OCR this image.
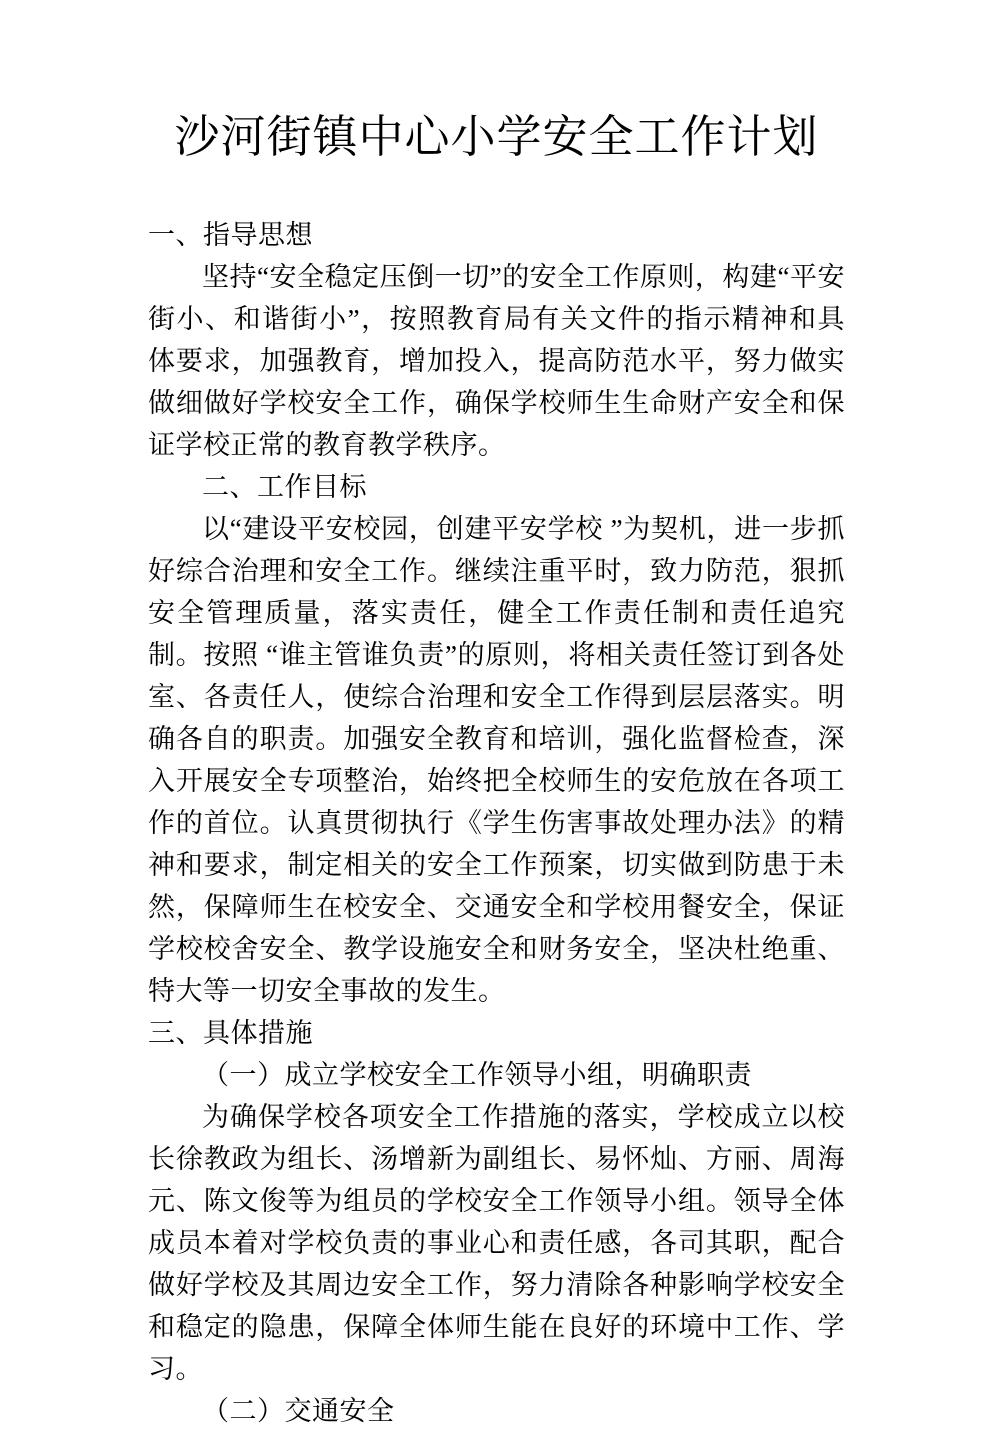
沙河街镇中心小学安全工作计划

一、指导思想

坚持“安全稳定压倒一切”的安全工作原则，构建“平安街小、和谐街小”，按照教育局有关文件的指示精神和具体要求，加强教育，增加投入，提高防范水平，努力做实做细做好学校安全工作，确保学校师生生命财产安全和保证学校正常的教育教学秩序。

二、工作目标

以“建设平安校园，创建平安学校 ”为契机，进一步抓好综合治理和安全工作。继续注重平时，致力防范，狠抓安全管理质量，落实责任，健全工作责任制和责任追究制。按照 “谁主管谁负责”的原则，将相关责任签订到各处室、各责任人，使综合治理和安全工作得到层层落实。明确各自的职责。加强安全教育和培训，强化监督检查，深入开展安全专项整治，始终把全校师生的安危放在各项工作的首位。认真贯彻执行《学生伤害事故处理办法》的精神和要求，制定相关的安全工作预案，切实做到防患于未然，保障师生在校安全、交通安全和学校用餐安全，保证学校校舍安全、教学设施安全和财务安全，坚决杜绝重、特大等一切安全事故的发生。

三、具体措施

（一）成立学校安全工作领导小组，明确职责

为确保学校各项安全工作措施的落实，学校成立以校长徐教政为组长、汤增新为副组长、易怀灿、方丽、周海元、陈文俊等为组员的学校安全工作领导小组。领导全体成员本着对学校负责的事业心和责任感，各司其职，配合做好学校及其周边安全工作，努力清除各种影响学校安全和稳定的隐患，保障全体师生能在良好的环境中工作、学习。

（二）交通安全
